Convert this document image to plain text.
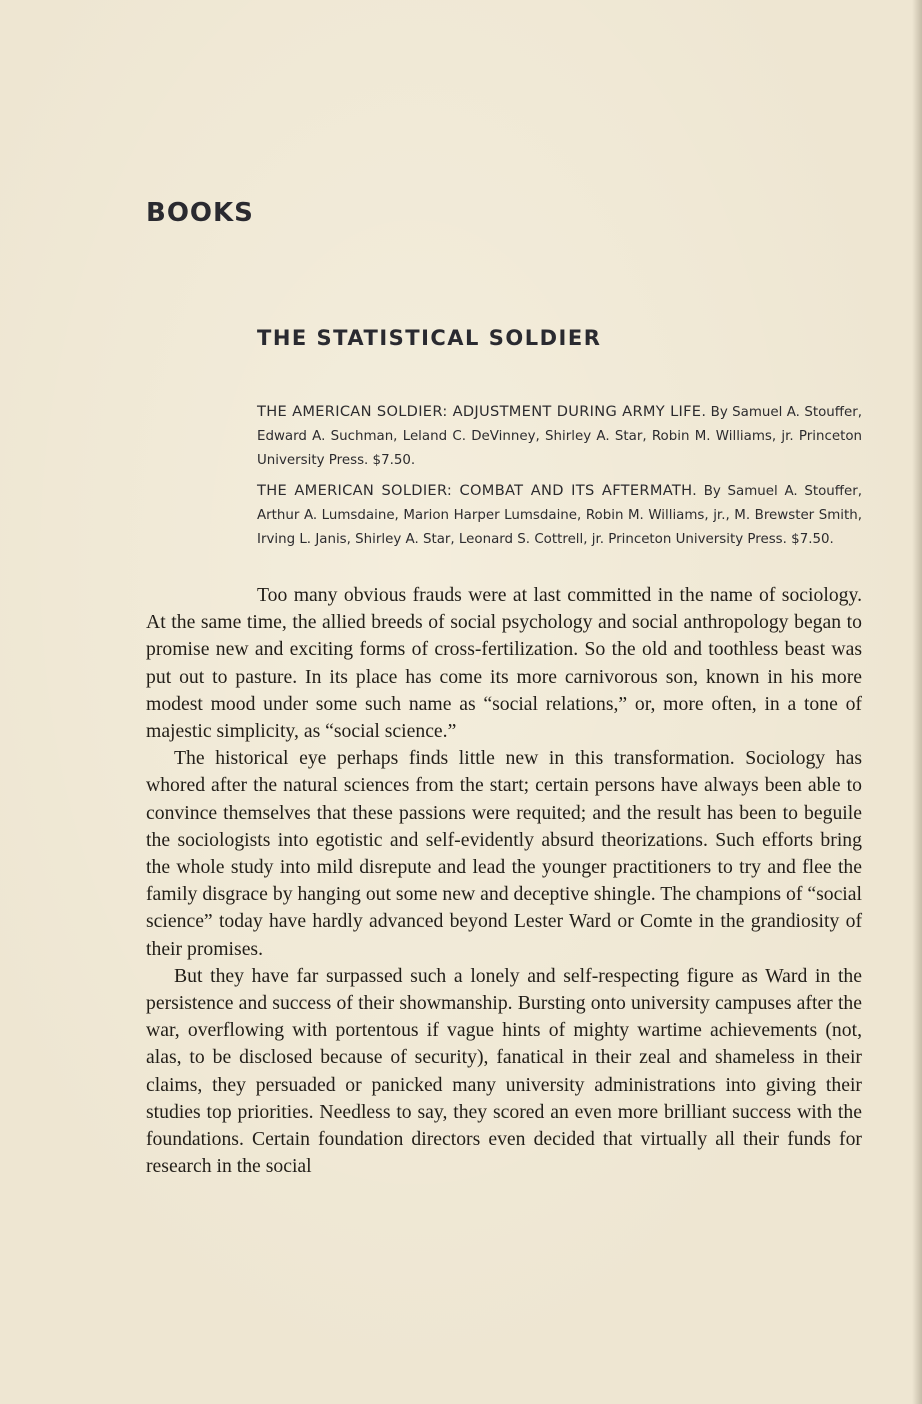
BOOKS
THE STATISTICAL SOLDIER

THE AMERICAN SOLDIER: ADJUSTMENT DURING ARMY LIFE. By Samuel A. Stouffer, Edward A. Suchman, Leland C. DeVinney, Shirley A. Star, Robin M. Williams, jr. Princeton University Press. $7.50.

THE AMERICAN SOLDIER: COMBAT AND ITS AFTERMATH. By Samuel A. Stouffer, Arthur A. Lumsdaine, Marion Harper Lumsdaine, Robin M. Williams, jr., M. Brewster Smith, Irving L. Janis, Shirley A. Star, Leonard S. Cottrell, jr. Princeton University Press. $7.50.

Too many obvious frauds were at last committed in the name of sociology. At the same time, the allied breeds of social psychology and social anthropology began to promise new and exciting forms of cross-fertilization. So the old and toothless beast was put out to pasture. In its place has come its more carnivorous son, known in his more modest mood under some such name as “social relations,” or, more often, in a tone of majestic simplicity, as “social science.”

The historical eye perhaps finds little new in this transformation. Sociology has whored after the natural sciences from the start; certain persons have always been able to convince themselves that these passions were requited; and the result has been to beguile the sociologists into egotistic and self-evidently absurd theorizations. Such efforts bring the whole study into mild disrepute and lead the younger practitioners to try and flee the family disgrace by hanging out some new and deceptive shingle. The champions of “social science” today have hardly advanced beyond Lester Ward or Comte in the grandiosity of their promises.

But they have far surpassed such a lonely and self-respecting figure as Ward in the persistence and success of their showmanship. Bursting onto university campuses after the war, overflowing with portentous if vague hints of mighty wartime achievements (not, alas, to be disclosed because of security), fanatical in their zeal and shameless in their claims, they persuaded or panicked many university administrations into giving their studies top priorities. Needless to say, they scored an even more brilliant success with the foundations. Certain foundation directors even decided that virtually all their funds for research in the social
